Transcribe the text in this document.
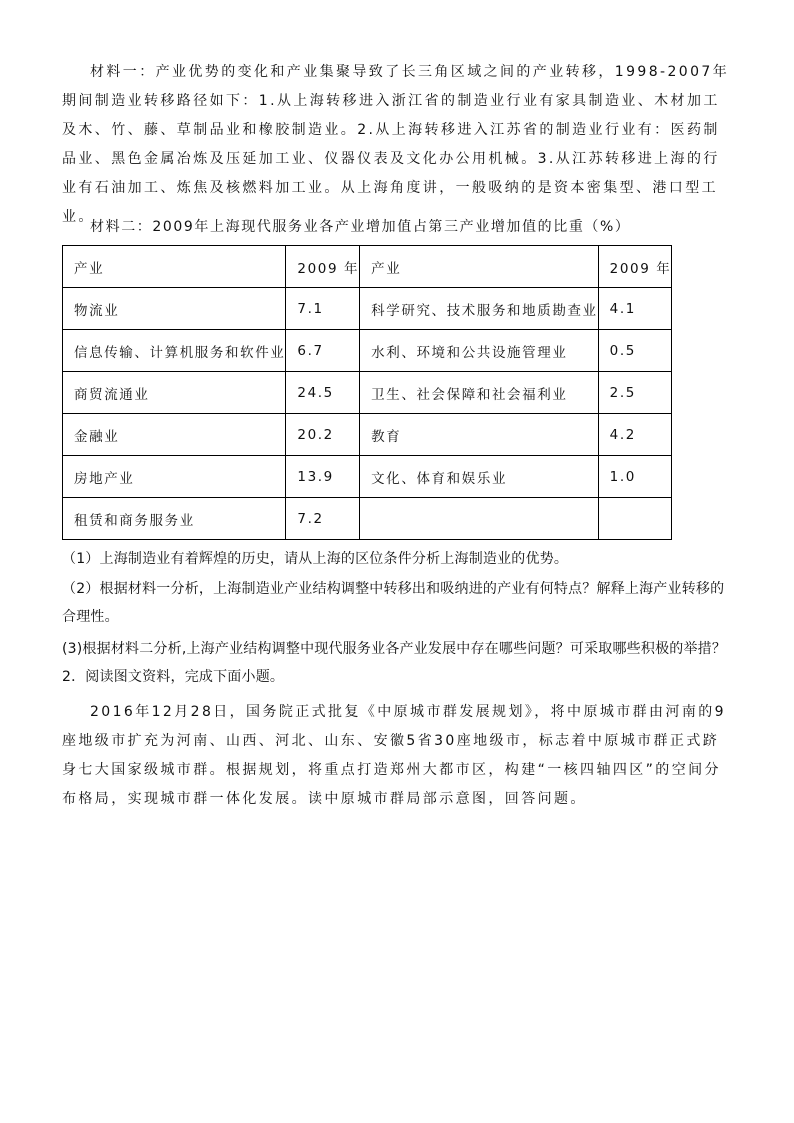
材料一：产业优势的变化和产业集聚导致了长三角区域之间的产业转移，1998-2007年期间制造业转移路径如下：1.从上海转移进入浙江省的制造业行业有家具制造业、木材加工及木、竹、藤、草制品业和橡胶制造业。2.从上海转移进入江苏省的制造业行业有：医药制品业、黑色金属冶炼及压延加工业、仪器仪表及文化办公用机械。3.从江苏转移进上海的行业有石油加工、炼焦及核燃料加工业。从上海角度讲，一般吸纳的是资本密集型、港口型工业。

材料二：2009年上海现代服务业各产业增加值占第三产业增加值的比重（%）

产业	2009 年	产业	2009 年
物流业	7.1	科学研究、技术服务和地质勘查业	4.1
信息传输、计算机服务和软件业	6.7	水利、环境和公共设施管理业	0.5
商贸流通业	24.5	卫生、社会保障和社会福利业	2.5
金融业	20.2	教育	4.2
房地产业	13.9	文化、体育和娱乐业	1.0
租赁和商务服务业	7.2		

（1）上海制造业有着辉煌的历史，请从上海的区位条件分析上海制造业的优势。

（2）根据材料一分析，上海制造业产业结构调整中转移出和吸纳进的产业有何特点？解释上海产业转移的合理性。

(3)根据材料二分析,上海产业结构调整中现代服务业各产业发展中存在哪些问题？可采取哪些积极的举措？

2．阅读图文资料，完成下面小题。

2016年12月28日，国务院正式批复《中原城市群发展规划》，将中原城市群由河南的9座地级市扩充为河南、山西、河北、山东、安徽5省30座地级市，标志着中原城市群正式跻身七大国家级城市群。根据规划，将重点打造郑州大都市区，构建“一核四轴四区”的空间分布格局，实现城市群一体化发展。读中原城市群局部示意图，回答问题。
